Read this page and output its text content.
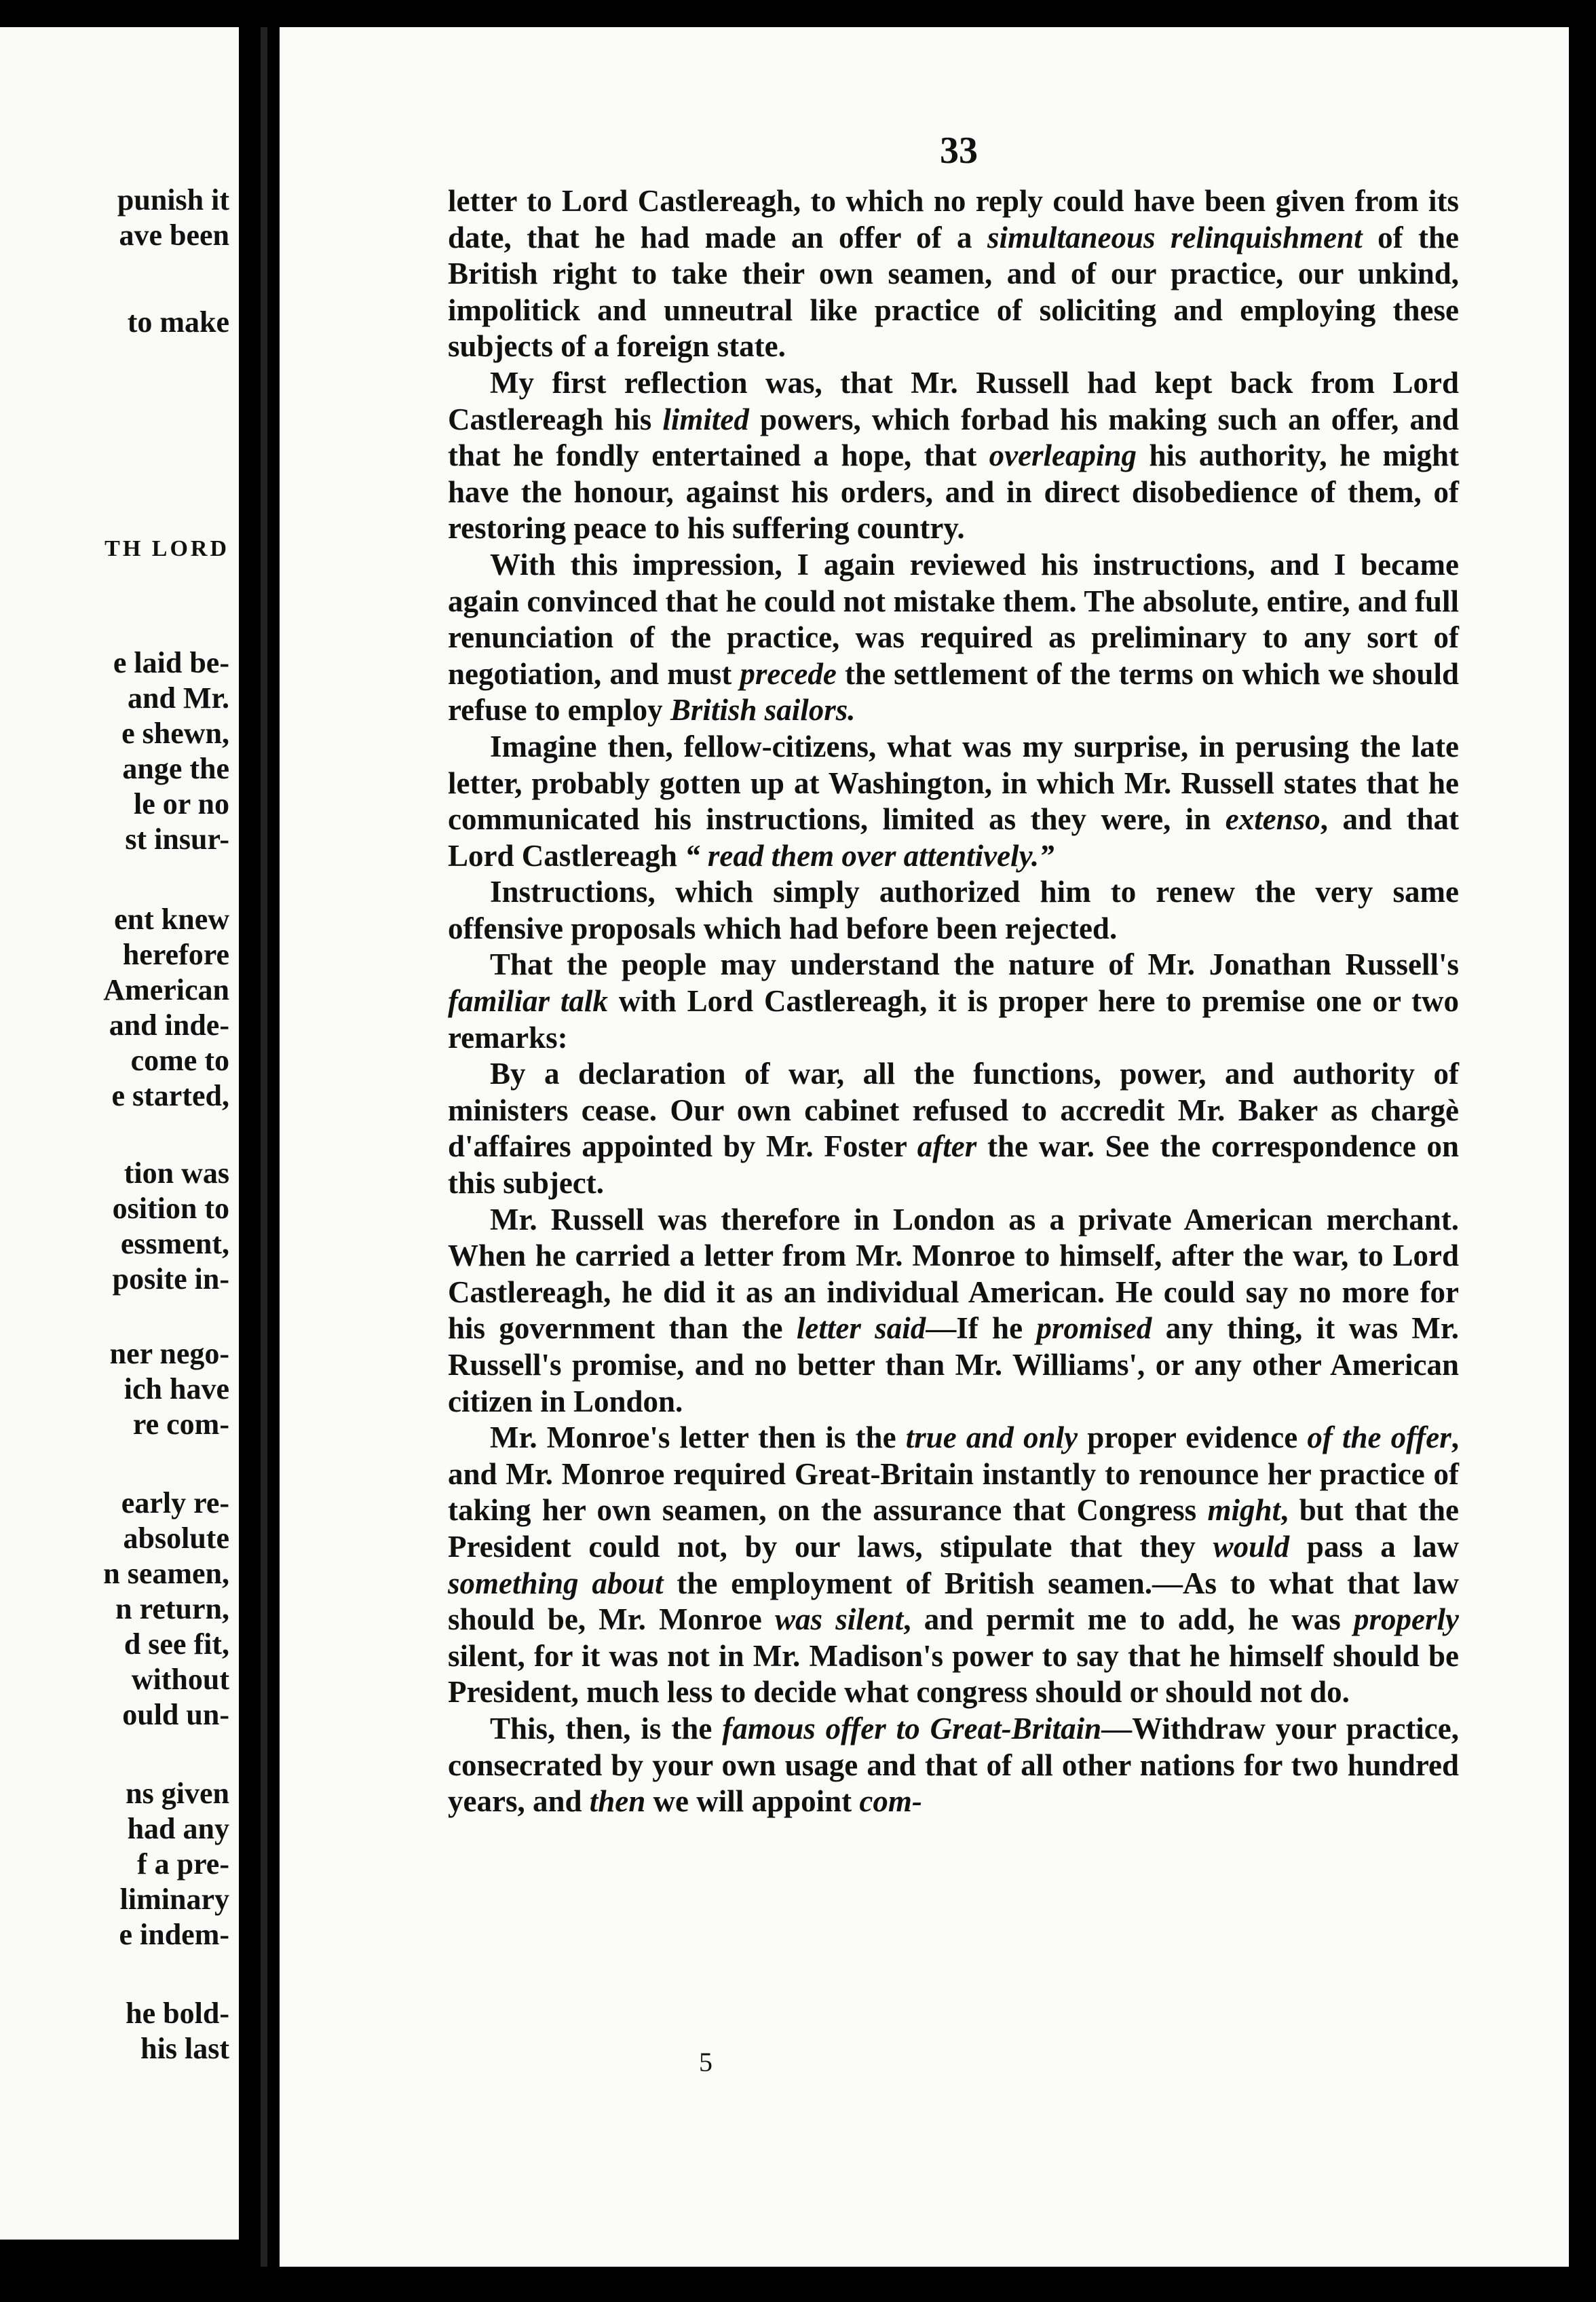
punish it
ave been
to make
TH LORD
e laid be-
and Mr.
e shewn,
ange the
le or no
st insur-
ent knew
herefore
American
and inde-
come to
e started,
tion was
osition to
essment,
posite in-
ner nego-
ich have
re com-
early re-
absolute
n seamen,
n return,
d see fit,
without
ould un-
ns given
had any
f a pre-
liminary
e indem-
he bold-
his last
33

letter to Lord Castlereagh, to which no reply could have been given from its date, that he had made an offer of a simultaneous relinquishment of the British right to take their own seamen, and of our practice, our unkind, impolitick and unneutral like practice of soliciting and employing these subjects of a foreign state.

My first reflection was, that Mr. Russell had kept back from Lord Castlereagh his limited powers, which forbad his making such an offer, and that he fondly entertained a hope, that overleaping his authority, he might have the honour, against his orders, and in direct disobedience of them, of restoring peace to his suffering country.

With this impression, I again reviewed his instructions, and I became again convinced that he could not mistake them. The absolute, entire, and full renunciation of the practice, was required as preliminary to any sort of negotiation, and must precede the settlement of the terms on which we should refuse to employ British sailors.

Imagine then, fellow-citizens, what was my surprise, in perusing the late letter, probably gotten up at Washington, in which Mr. Russell states that he communicated his instructions, limited as they were, in extenso, and that Lord Castlereagh “ read them over attentively.”

Instructions, which simply authorized him to renew the very same offensive proposals which had before been rejected.

That the people may understand the nature of Mr. Jonathan Russell's familiar talk with Lord Castlereagh, it is proper here to premise one or two remarks:

By a declaration of war, all the functions, power, and authority of ministers cease. Our own cabinet refused to accredit Mr. Baker as chargè d'affaires appointed by Mr. Foster after the war. See the correspondence on this subject.

Mr. Russell was therefore in London as a private American merchant. When he carried a letter from Mr. Monroe to himself, after the war, to Lord Castlereagh, he did it as an individual American. He could say no more for his government than the letter said—If he promised any thing, it was Mr. Russell's promise, and no better than Mr. Williams', or any other American citizen in London.

Mr. Monroe's letter then is the true and only proper evidence of the offer, and Mr. Monroe required Great-Britain instantly to renounce her practice of taking her own seamen, on the assurance that Congress might, but that the President could not, by our laws, stipulate that they would pass a law something about the employment of British seamen.—As to what that law should be, Mr. Monroe was silent, and permit me to add, he was properly silent, for it was not in Mr. Madison's power to say that he himself should be President, much less to decide what congress should or should not do.

This, then, is the famous offer to Great-Britain—Withdraw your practice, consecrated by your own usage and that of all other nations for two hundred years, and then we will appoint com-

5
